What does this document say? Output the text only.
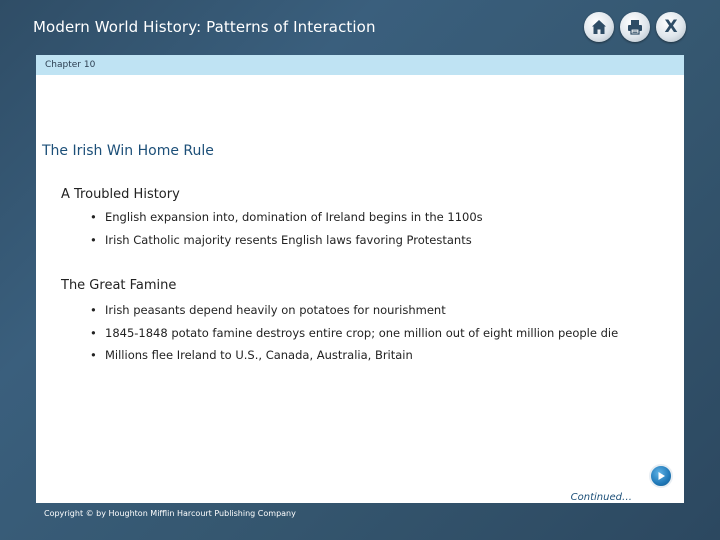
Modern World History: Patterns of Interaction	X
Chapter 10
The Irish Win Home Rule
A Troubled History
• English expansion into, domination of Ireland begins in the 1100s
• Irish Catholic majority resents English laws favoring Protestants
The Great Famine
• Irish peasants depend heavily on potatoes for nourishment
• 1845-1848 potato famine destroys entire crop; one million out of eight million people die
• Millions flee Ireland to U.S., Canada, Australia, Britain
Continued…	Next
Copyright © by Houghton Mifflin Harcourt Publishing Company
